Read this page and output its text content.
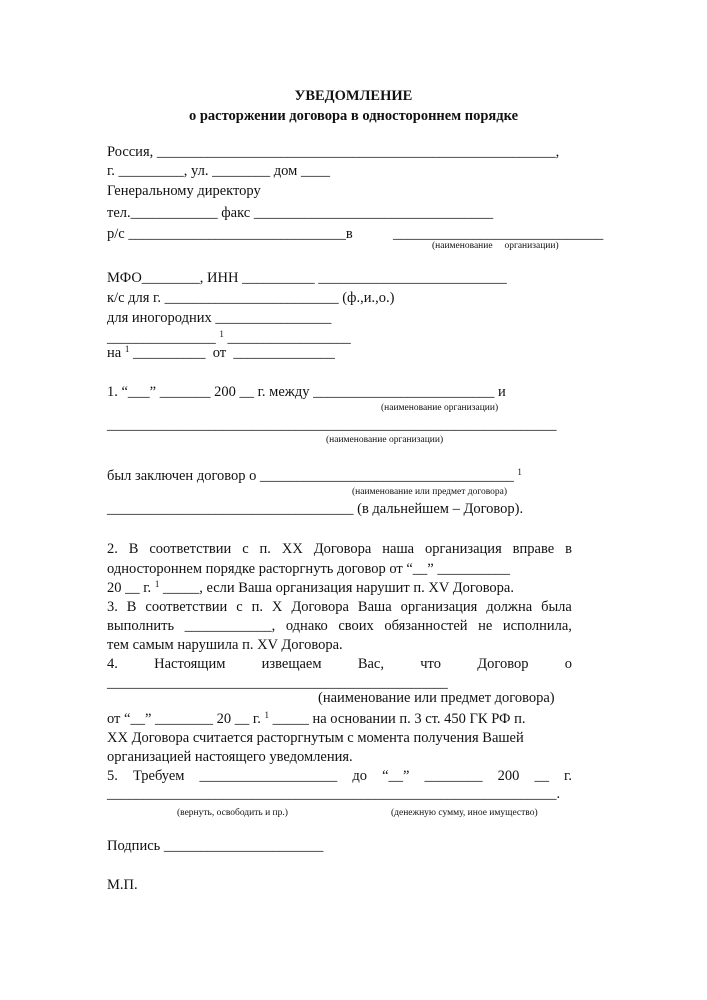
УВЕДОМЛЕНИЕ
о расторжении договора в одностороннем порядке
Россия, _______________________________________________________,
г. _________, ул. ________ дом ____
Генеральному директору
тел.____________ факс _________________________________
р/с ______________________________в	_____________________________
(наименование     организации)
МФО________, ИНН __________ __________________________
к/с для г. ________________________ (ф.,и.,о.)
для иногородних ________________
_______________ $^1$ _________________
на $^1$ __________  от  ______________
1. “___” _______ 200 __ г. между _________________________ и
(наименование организации)
______________________________________________________________
(наименование организации)
был заключен договор о ___________________________________ $^1$
(наименование или предмет договора)
__________________________________ (в дальнейшем – Договор).
2. В соответствии с п. ХХ Договора наша организация вправе в
одностороннем порядке расторгнуть договор от “__” __________
20 __ г. $^1$ _____, если Ваша организация нарушит п. XV Договора.
3. В соответствии с п. Х Договора Ваша организация должна была
выполнить ____________, однако своих обязанностей не исполнила,
тем самым нарушила п. XV Договора.
4.	Настоящим	извещаем	Вас,	что	Договор	о
_______________________________________________
(наименование или предмет договора)
от “__” ________ 20 __ г. $^1$ _____ на основании п. 3 ст. 450 ГК РФ п.
ХХ Договора считается расторгнутым с момента получения Вашей
организацией настоящего уведомления.
5. Требуем ___________________ до “__” ________ 200 __ г.
______________________________________________________________.
(вернуть, освободить и пр.)	(денежную сумму, иное имущество)
Подпись ______________________
М.П.
